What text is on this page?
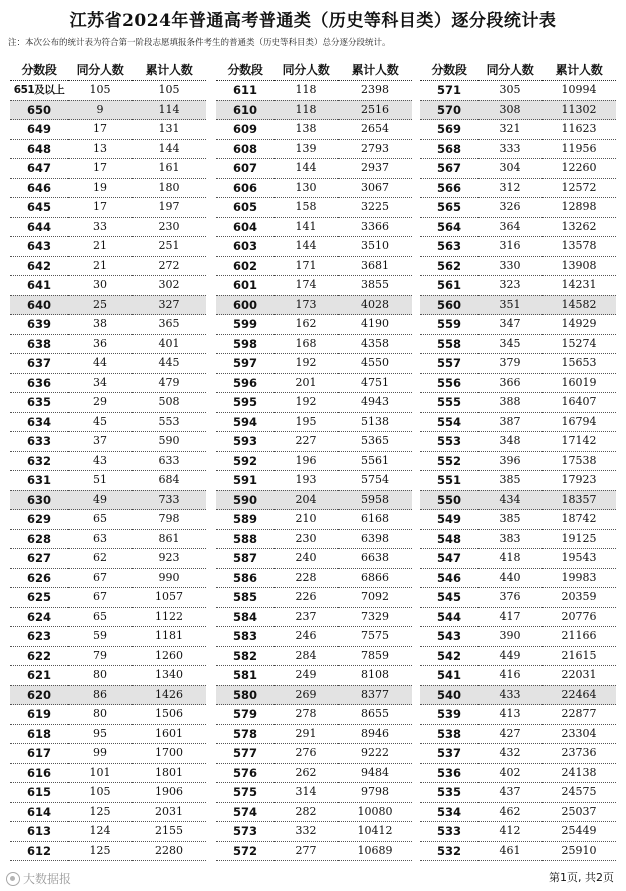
江苏省2024年普通高考普通类（历史等科目类）逐分段统计表
注：本次公布的统计表为符合第一阶段志愿填报条件考生的普通类（历史等科目类）总分逐分段统计。
分数段	同分人数	累计人数
651及以上	105	105
650	9	114
649	17	131
648	13	144
647	17	161
646	19	180
645	17	197
644	33	230
643	21	251
642	21	272
641	30	302
640	25	327
639	38	365
638	36	401
637	44	445
636	34	479
635	29	508
634	45	553
633	37	590
632	43	633
631	51	684
630	49	733
629	65	798
628	63	861
627	62	923
626	67	990
625	67	1057
624	65	1122
623	59	1181
622	79	1260
621	80	1340
620	86	1426
619	80	1506
618	95	1601
617	99	1700
616	101	1801
615	105	1906
614	125	2031
613	124	2155
612	125	2280
分数段	同分人数	累计人数
611	118	2398
610	118	2516
609	138	2654
608	139	2793
607	144	2937
606	130	3067
605	158	3225
604	141	3366
603	144	3510
602	171	3681
601	174	3855
600	173	4028
599	162	4190
598	168	4358
597	192	4550
596	201	4751
595	192	4943
594	195	5138
593	227	5365
592	196	5561
591	193	5754
590	204	5958
589	210	6168
588	230	6398
587	240	6638
586	228	6866
585	226	7092
584	237	7329
583	246	7575
582	284	7859
581	249	8108
580	269	8377
579	278	8655
578	291	8946
577	276	9222
576	262	9484
575	314	9798
574	282	10080
573	332	10412
572	277	10689
分数段	同分人数	累计人数
571	305	10994
570	308	11302
569	321	11623
568	333	11956
567	304	12260
566	312	12572
565	326	12898
564	364	13262
563	316	13578
562	330	13908
561	323	14231
560	351	14582
559	347	14929
558	345	15274
557	379	15653
556	366	16019
555	388	16407
554	387	16794
553	348	17142
552	396	17538
551	385	17923
550	434	18357
549	385	18742
548	383	19125
547	418	19543
546	440	19983
545	376	20359
544	417	20776
543	390	21166
542	449	21615
541	416	22031
540	433	22464
539	413	22877
538	427	23304
537	432	23736
536	402	24138
535	437	24575
534	462	25037
533	412	25449
532	461	25910
大数据报	第1页, 共2页
